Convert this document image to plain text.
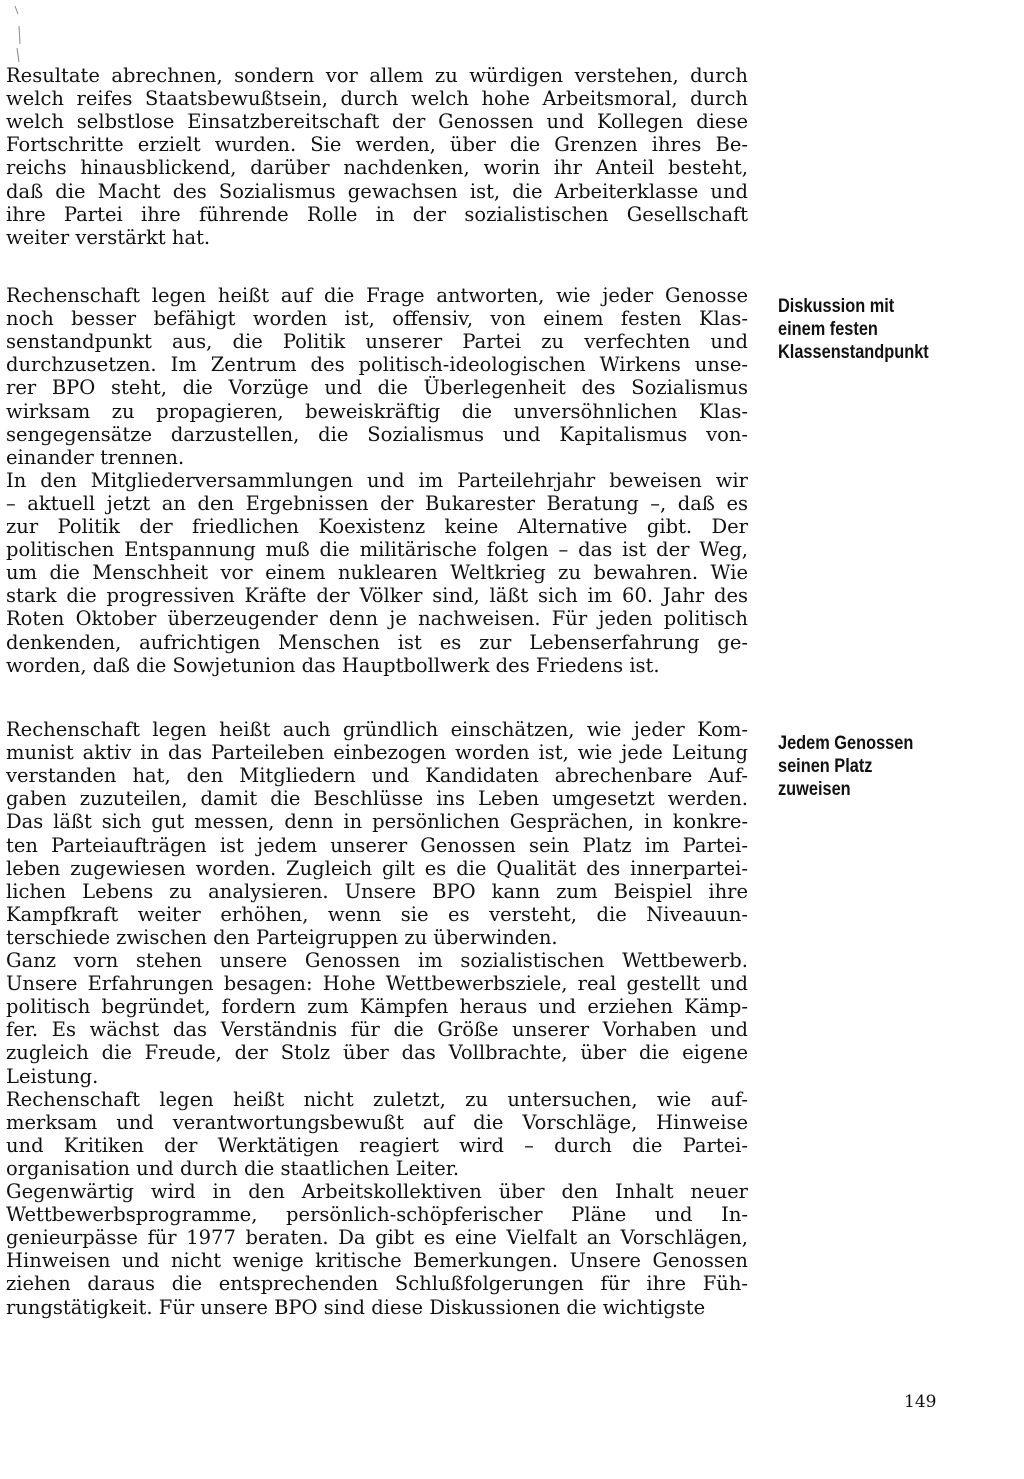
Resultate abrechnen, sondern vor allem zu würdigen verstehen, durch
welch reifes Staatsbewußtsein, durch welch hohe Arbeitsmoral, durch
welch selbstlose Einsatzbereitschaft der Genossen und Kollegen diese
Fortschritte erzielt wurden. Sie werden, über die Grenzen ihres Be-
reichs hinausblickend, darüber nachdenken, worin ihr Anteil besteht,
daß die Macht des Sozialismus gewachsen ist, die Arbeiterklasse und
ihre Partei ihre führende Rolle in der sozialistischen Gesellschaft
weiter verstärkt hat.
Rechenschaft legen heißt auf die Frage antworten, wie jeder Genosse
noch besser befähigt worden ist, offensiv, von einem festen Klas-
senstandpunkt aus, die Politik unserer Partei zu verfechten und
durchzusetzen. Im Zentrum des politisch-ideologischen Wirkens unse-
rer BPO steht, die Vorzüge und die Überlegenheit des Sozialismus
wirksam zu propagieren, beweiskräftig die unversöhnlichen Klas-
sengegensätze darzustellen, die Sozialismus und Kapitalismus von-
einander trennen.
In den Mitgliederversammlungen und im Parteilehrjahr beweisen wir
– aktuell jetzt an den Ergebnissen der Bukarester Beratung –, daß es
zur Politik der friedlichen Koexistenz keine Alternative gibt. Der
politischen Entspannung muß die militärische folgen – das ist der Weg,
um die Menschheit vor einem nuklearen Weltkrieg zu bewahren. Wie
stark die progressiven Kräfte der Völker sind, läßt sich im 60. Jahr des
Roten Oktober überzeugender denn je nachweisen. Für jeden politisch
denkenden, aufrichtigen Menschen ist es zur Lebenserfahrung ge-
worden, daß die Sowjetunion das Hauptbollwerk des Friedens ist.
Rechenschaft legen heißt auch gründlich einschätzen, wie jeder Kom-
munist aktiv in das Parteileben einbezogen worden ist, wie jede Leitung
verstanden hat, den Mitgliedern und Kandidaten abrechenbare Auf-
gaben zuzuteilen, damit die Beschlüsse ins Leben umgesetzt werden.
Das läßt sich gut messen, denn in persönlichen Gesprächen, in konkre-
ten Parteiaufträgen ist jedem unserer Genossen sein Platz im Partei-
leben zugewiesen worden. Zugleich gilt es die Qualität des innerpartei-
lichen Lebens zu analysieren. Unsere BPO kann zum Beispiel ihre
Kampfkraft weiter erhöhen, wenn sie es versteht, die Niveauun-
terschiede zwischen den Parteigruppen zu überwinden.
Ganz vorn stehen unsere Genossen im sozialistischen Wettbewerb.
Unsere Erfahrungen besagen: Hohe Wettbewerbsziele, real gestellt und
politisch begründet, fordern zum Kämpfen heraus und erziehen Kämp-
fer. Es wächst das Verständnis für die Größe unserer Vorhaben und
zugleich die Freude, der Stolz über das Vollbrachte, über die eigene
Leistung.
Rechenschaft legen heißt nicht zuletzt, zu untersuchen, wie auf-
merksam und verantwortungsbewußt auf die Vorschläge, Hinweise
und Kritiken der Werktätigen reagiert wird – durch die Partei-
organisation und durch die staatlichen Leiter.
Gegenwärtig wird in den Arbeitskollektiven über den Inhalt neuer
Wettbewerbsprogramme, persönlich-schöpferischer Pläne und In-
genieurpässe für 1977 beraten. Da gibt es eine Vielfalt an Vorschlägen,
Hinweisen und nicht wenige kritische Bemerkungen. Unsere Genossen
ziehen daraus die entsprechenden Schlußfolgerungen für ihre Füh-
rungstätigkeit. Für unsere BPO sind diese Diskussionen die wichtigste
Diskussion mit
einem festen
Klassenstandpunkt
Jedem Genossen
seinen Platz
zuweisen
149
